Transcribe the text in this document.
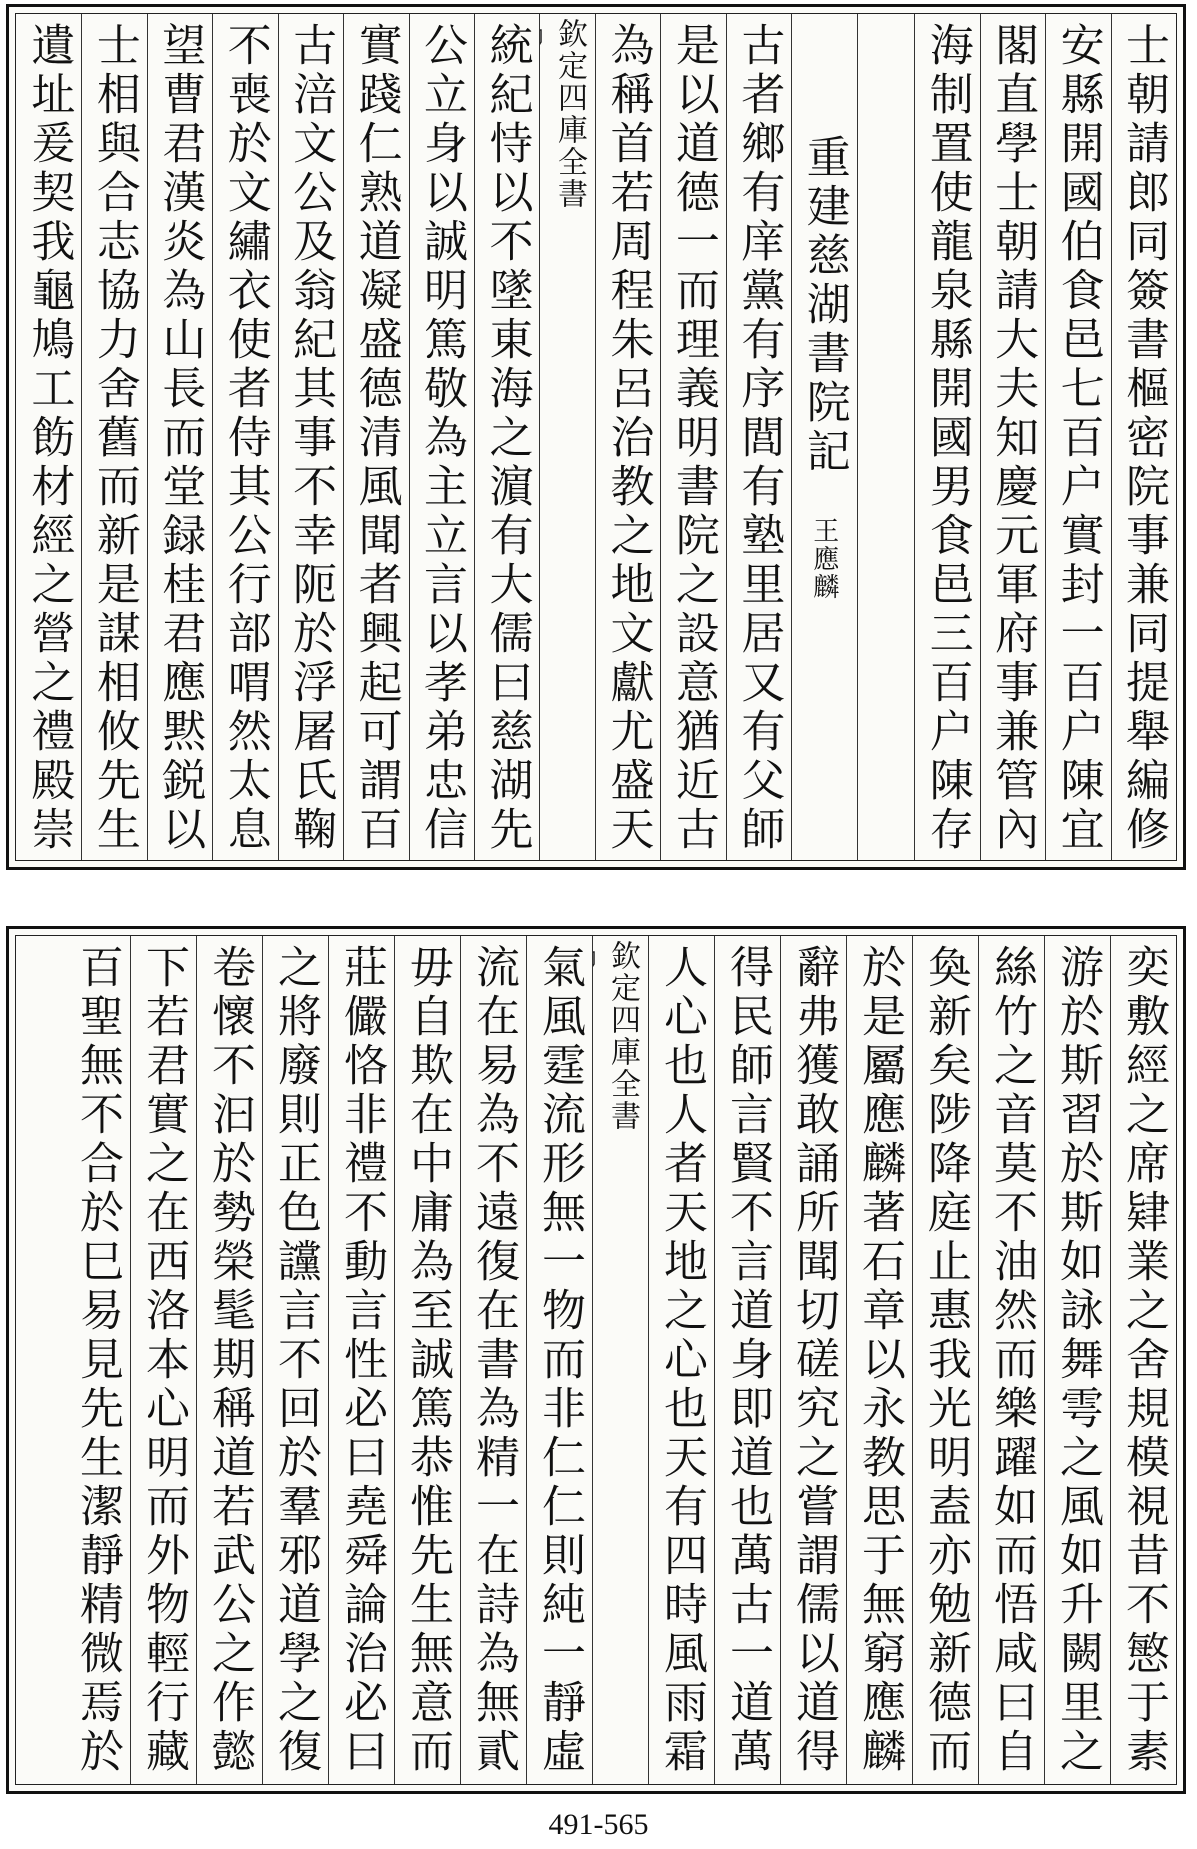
士朝請郎同簽書樞密院事兼同提舉編修
安縣開國伯食邑七百户實封一百户陳宜
閣直學士朝請大夫知慶元軍府事兼管內
海制置使龍泉縣開國男食邑三百户陳存
重建慈湖書院記王應麟
古者鄉有庠黨有序閭有塾里居又有父師
是以道德一而理義明書院之設意猶近古
為稱首若周程朱呂治教之地文獻尤盛天
欽定四庫全書
統紀恃以不墜東海之濵有大儒曰慈湖先
公立身以誠明篤敬為主立言以孝弟忠信
實踐仁熟道凝盛德清風聞者興起可謂百
古涪文公及翁紀其事不幸阨於浮屠氏鞠
不喪於文繡衣使者侍其公行部喟然太息
望曹君漢炎為山長而堂録桂君應黙鋭以
士相與合志協力舍舊而新是謀相攸先生
遺址爰契我龜鳩工飭材經之營之禮殿崇
奕敷經之席肄業之舍規模視昔不慜于素
游於斯習於斯如詠舞雩之風如升闕里之
絲竹之音莫不油然而樂躍如而悟咸曰自
奐新矣陟降庭止惠我光明盍亦勉新德而
於是屬應麟著石章以永教思于無窮應麟
辭弗獲敢誦所聞切磋究之嘗謂儒以道得
得民師言賢不言道身即道也萬古一道萬
人心也人者天地之心也天有四時風雨霜
欽定四庫全書
氣風霆流形無一物而非仁仁則純一靜虛
流在易為不遠復在書為精一在詩為無貳
毋自欺在中庸為至誠篤恭惟先生無意而
莊儼恪非禮不動言性必曰堯舜論治必曰
之將廢則正色讜言不回於羣邪道學之復
卷懷不汩於勢榮髦期稱道若武公之作懿
下若君實之在西洛本心明而外物輕行藏
百聖無不合於巳易見先生潔靜精微焉於
491-565
